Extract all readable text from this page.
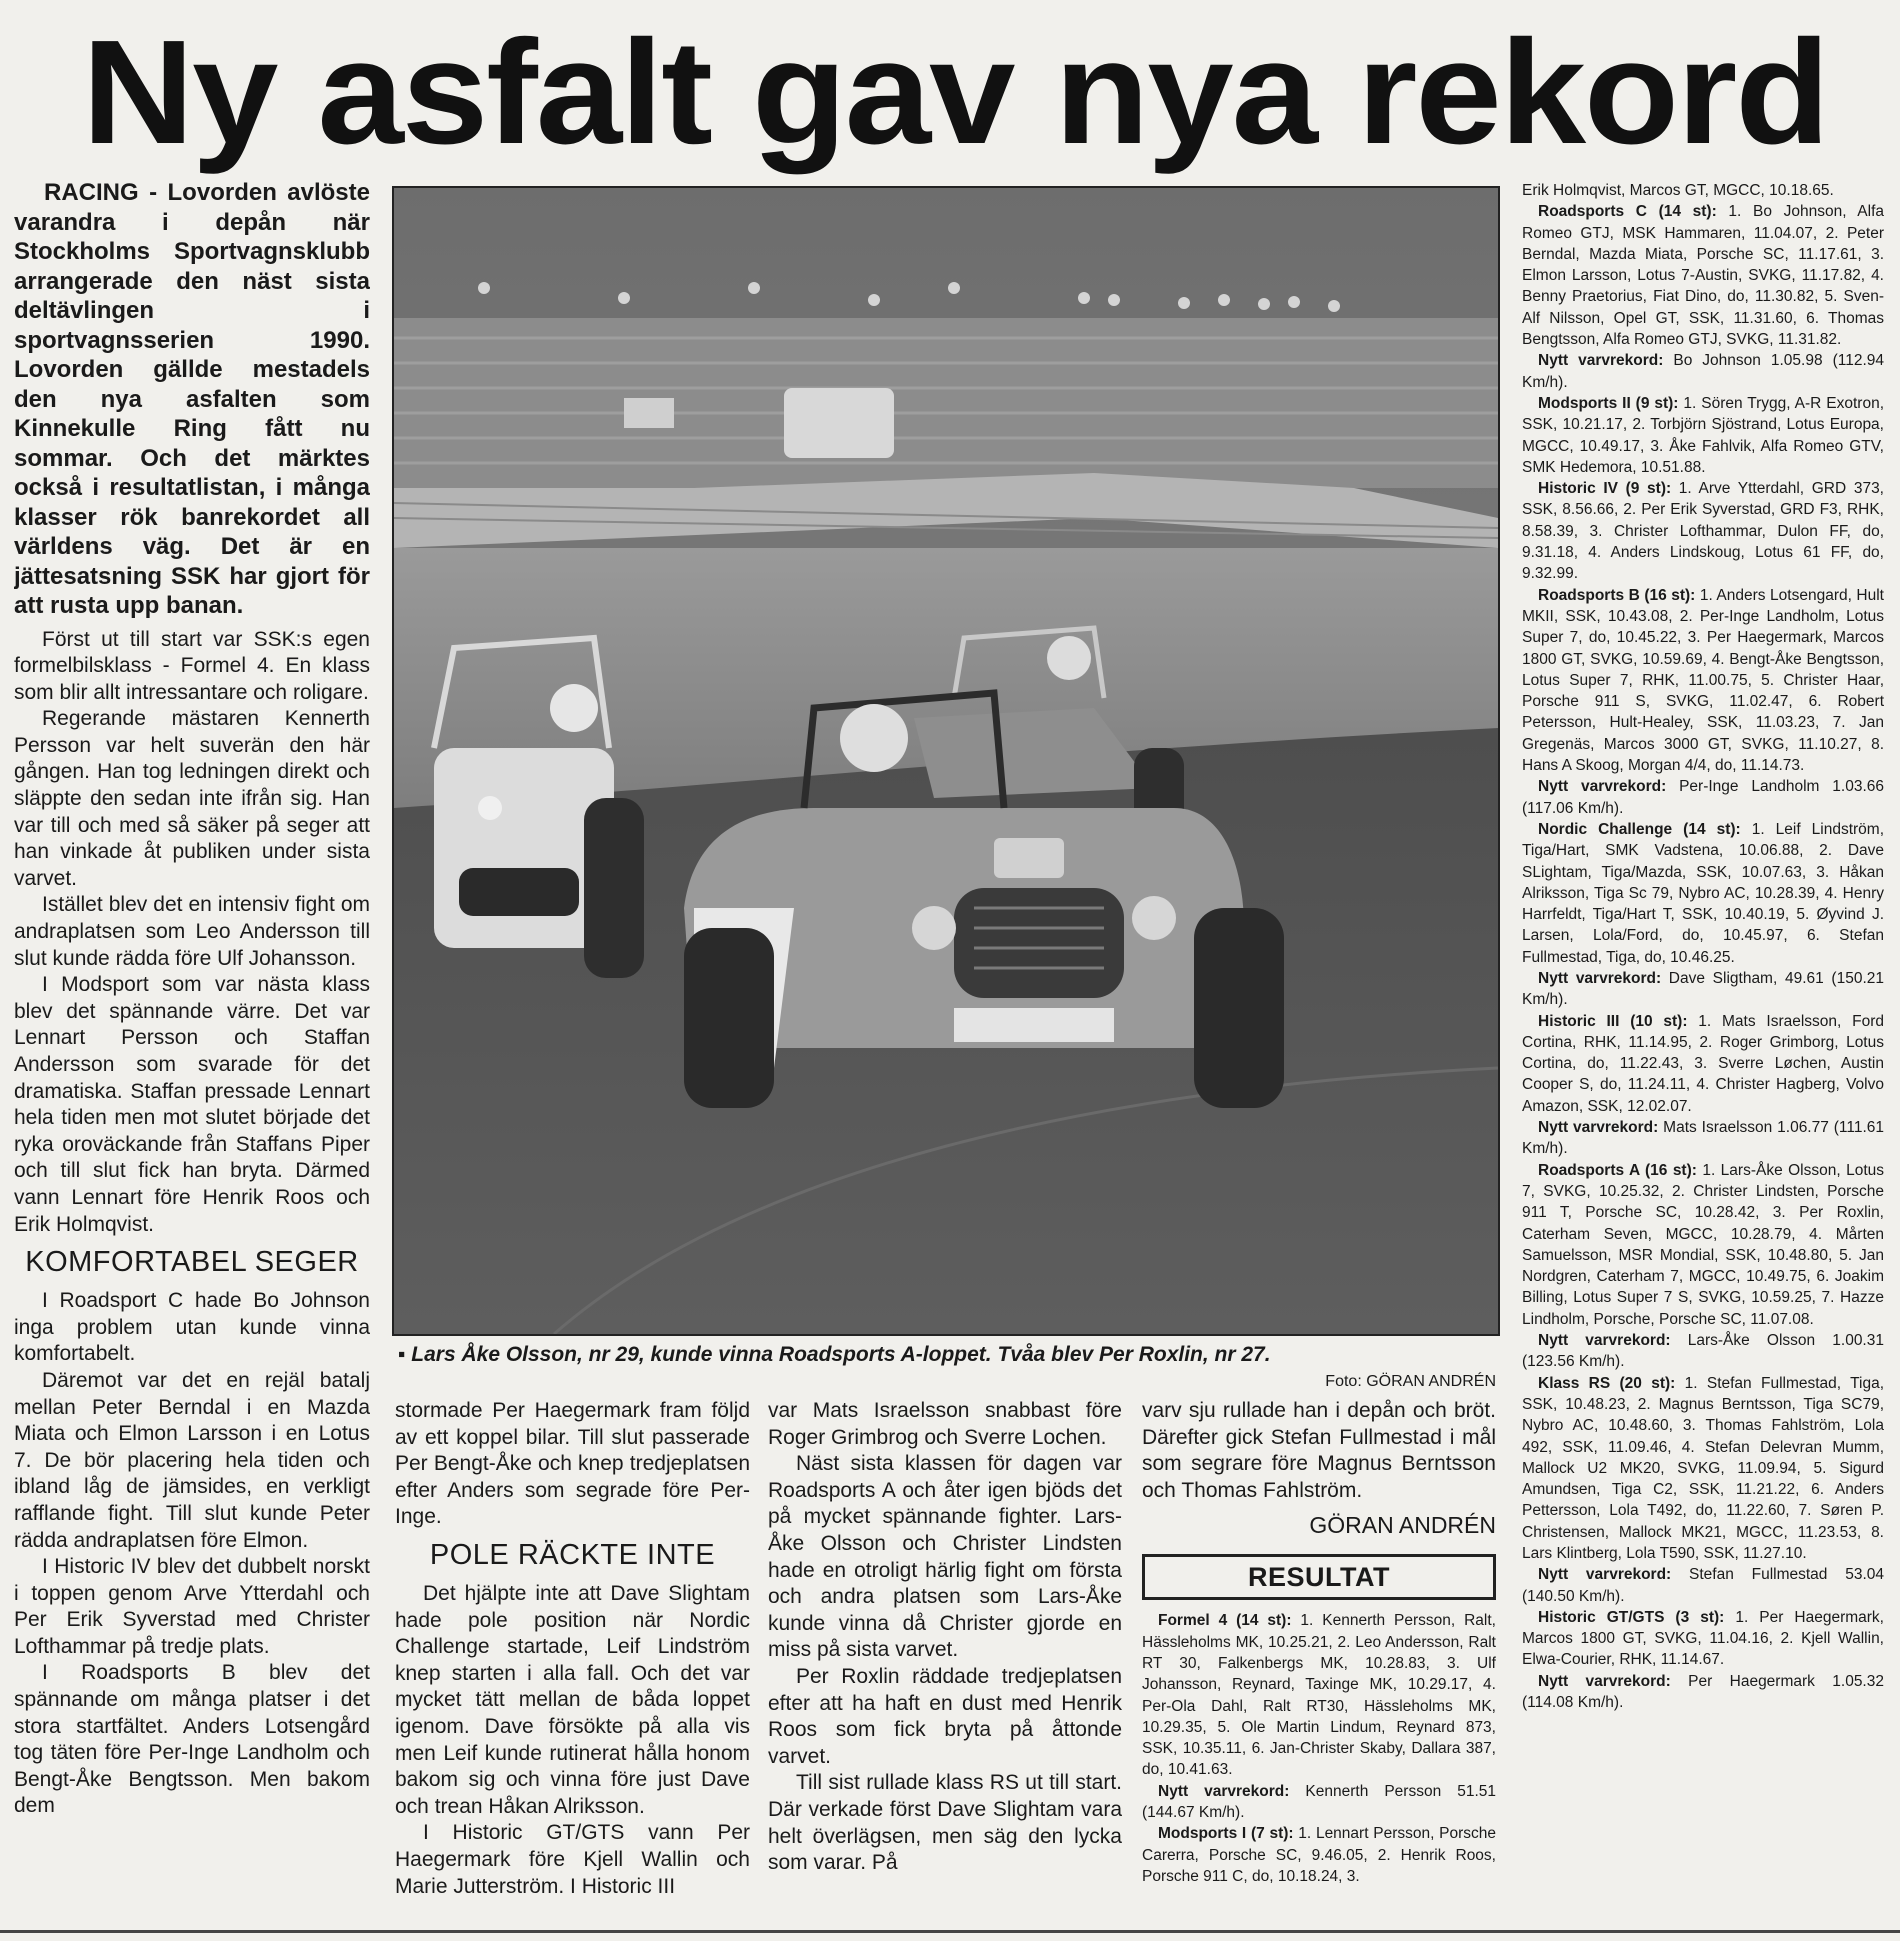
Ny asfalt gav nya rekord

RACING - Lovorden avlöste varandra i depån när Stockholms Sportvagnsklubb arrangerade den näst sista deltävlingen i sportvagnsserien 1990. Lovorden gällde mestadels den nya asfalten som Kinnekulle Ring fått nu sommar. Och det märktes också i resultatlistan, i många klasser rök banrekordet all världens väg. Det är en jättesatsning SSK har gjort för att rusta upp banan.

Först ut till start var SSK:s egen formelbilsklass - Formel 4. En klass som blir allt intressantare och roligare.

Regerande mästaren Kennerth Persson var helt suverän den här gången. Han tog ledningen direkt och släppte den sedan inte ifrån sig. Han var till och med så säker på seger att han vinkade åt publiken under sista varvet.

Istället blev det en intensiv fight om andraplatsen som Leo Andersson till slut kunde rädda före Ulf Johansson.

I Modsport som var nästa klass blev det spännande värre. Det var Lennart Persson och Staffan Andersson som svarade för det dramatiska. Staffan pressade Lennart hela tiden men mot slutet började det ryka oroväckande från Staffans Piper och till slut fick han bryta. Därmed vann Lennart före Henrik Roos och Erik Holmqvist.

KOMFORTABEL SEGER

I Roadsport C hade Bo Johnson inga problem utan kunde vinna komfortabelt.

Däremot var det en rejäl batalj mellan Peter Berndal i en Mazda Miata och Elmon Larsson i en Lotus 7. De bör placering hela tiden och ibland låg de jämsides, en verkligt rafflande fight. Till slut kunde Peter rädda andraplatsen före Elmon.

I Historic IV blev det dubbelt norskt i toppen genom Arve Ytterdahl och Per Erik Syverstad med Christer Lofthammar på tredje plats.

I Roadsports B blev det spännande om många platser i det stora startfältet. Anders Lotsengård tog täten före Per-Inge Landholm och Bengt-Åke Bengtsson. Men bakom dem

▪ Lars Åke Olsson, nr 29, kunde vinna Roadsports A-loppet. Tvåa blev Per Roxlin, nr 27.
Foto: GÖRAN ANDRÉN

stormade Per Haegermark fram följd av ett koppel bilar. Till slut passerade Per Bengt-Åke och knep tredjeplatsen efter Anders som segrade före Per-Inge.

POLE RÄCKTE INTE

Det hjälpte inte att Dave Slightam hade pole position när Nordic Challenge startade, Leif Lindström knep starten i alla fall. Och det var mycket tätt mellan de båda loppet igenom. Dave försökte på alla vis men Leif kunde rutinerat hålla honom bakom sig och vinna före just Dave och trean Håkan Alriksson.

I Historic GT/GTS vann Per Haegermark före Kjell Wallin och Marie Jutterström. I Historic III

var Mats Israelsson snabbast före Roger Grimbrog och Sverre Lochen.

Näst sista klassen för dagen var Roadsports A och åter igen bjöds det på mycket spännande fighter. Lars-Åke Olsson och Christer Lindsten hade en otroligt härlig fight om första och andra platsen som Lars-Åke kunde vinna då Christer gjorde en miss på sista varvet.

Per Roxlin räddade tredjeplatsen efter att ha haft en dust med Henrik Roos som fick bryta på åttonde varvet.

Till sist rullade klass RS ut till start. Där verkade först Dave Slightam vara helt överlägsen, men säg den lycka som varar. På

varv sju rullade han i depån och bröt. Därefter gick Stefan Fullmestad i mål som segrare före Magnus Berntsson och Thomas Fahlström.

GÖRAN ANDRÉN
RESULTAT

Formel 4 (14 st): 1. Kennerth Persson, Ralt, Hässleholms MK, 10.25.21, 2. Leo Andersson, Ralt RT 30, Falkenbergs MK, 10.28.83, 3. Ulf Johansson, Reynard, Taxinge MK, 10.29.17, 4. Per-Ola Dahl, Ralt RT30, Hässleholms MK, 10.29.35, 5. Ole Martin Lindum, Reynard 873, SSK, 10.35.11, 6. Jan-Christer Skaby, Dallara 387, do, 10.41.63.

Nytt varvrekord: Kennerth Persson 51.51 (144.67 Km/h).

Modsports I (7 st): 1. Lennart Persson, Porsche Carerra, Porsche SC, 9.46.05, 2. Henrik Roos, Porsche 911 C, do, 10.18.24, 3.

Erik Holmqvist, Marcos GT, MGCC, 10.18.65.

Roadsports C (14 st): 1. Bo Johnson, Alfa Romeo GTJ, MSK Hammaren, 11.04.07, 2. Peter Berndal, Mazda Miata, Porsche SC, 11.17.61, 3. Elmon Larsson, Lotus 7-Austin, SVKG, 11.17.82, 4. Benny Praetorius, Fiat Dino, do, 11.30.82, 5. Sven-Alf Nilsson, Opel GT, SSK, 11.31.60, 6. Thomas Bengtsson, Alfa Romeo GTJ, SVKG, 11.31.82.

Nytt varvrekord: Bo Johnson 1.05.98 (112.94 Km/h).

Modsports II (9 st): 1. Sören Trygg, A-R Exotron, SSK, 10.21.17, 2. Torbjörn Sjöstrand, Lotus Europa, MGCC, 10.49.17, 3. Åke Fahlvik, Alfa Romeo GTV, SMK Hedemora, 10.51.88.

Historic IV (9 st): 1. Arve Ytterdahl, GRD 373, SSK, 8.56.66, 2. Per Erik Syverstad, GRD F3, RHK, 8.58.39, 3. Christer Lofthammar, Dulon FF, do, 9.31.18, 4. Anders Lindskoug, Lotus 61 FF, do, 9.32.99.

Roadsports B (16 st): 1. Anders Lotsengard, Hult MKII, SSK, 10.43.08, 2. Per-Inge Landholm, Lotus Super 7, do, 10.45.22, 3. Per Haegermark, Marcos 1800 GT, SVKG, 10.59.69, 4. Bengt-Åke Bengtsson, Lotus Super 7, RHK, 11.00.75, 5. Christer Haar, Porsche 911 S, SVKG, 11.02.47, 6. Robert Petersson, Hult-Healey, SSK, 11.03.23, 7. Jan Gregenäs, Marcos 3000 GT, SVKG, 11.10.27, 8. Hans A Skoog, Morgan 4/4, do, 11.14.73.

Nytt varvrekord: Per-Inge Landholm 1.03.66 (117.06 Km/h).

Nordic Challenge (14 st): 1. Leif Lindström, Tiga/Hart, SMK Vadstena, 10.06.88, 2. Dave SLightam, Tiga/Mazda, SSK, 10.07.63, 3. Håkan Alriksson, Tiga Sc 79, Nybro AC, 10.28.39, 4. Henry Harrfeldt, Tiga/Hart T, SSK, 10.40.19, 5. Øyvind J. Larsen, Lola/Ford, do, 10.45.97, 6. Stefan Fullmestad, Tiga, do, 10.46.25.

Nytt varvrekord: Dave Sligtham, 49.61 (150.21 Km/h).

Historic III (10 st): 1. Mats Israelsson, Ford Cortina, RHK, 11.14.95, 2. Roger Grimborg, Lotus Cortina, do, 11.22.43, 3. Sverre Løchen, Austin Cooper S, do, 11.24.11, 4. Christer Hagberg, Volvo Amazon, SSK, 12.02.07.

Nytt varvrekord: Mats Israelsson 1.06.77 (111.61 Km/h).

Roadsports A (16 st): 1. Lars-Åke Olsson, Lotus 7, SVKG, 10.25.32, 2. Christer Lindsten, Porsche 911 T, Porsche SC, 10.28.42, 3. Per Roxlin, Caterham Seven, MGCC, 10.28.79, 4. Mårten Samuelsson, MSR Mondial, SSK, 10.48.80, 5. Jan Nordgren, Caterham 7, MGCC, 10.49.75, 6. Joakim Billing, Lotus Super 7 S, SVKG, 10.59.25, 7. Hazze Lindholm, Porsche, Porsche SC, 11.07.08.

Nytt varvrekord: Lars-Åke Olsson 1.00.31 (123.56 Km/h).

Klass RS (20 st): 1. Stefan Fullmestad, Tiga, SSK, 10.48.23, 2. Magnus Berntsson, Tiga SC79, Nybro AC, 10.48.60, 3. Thomas Fahlström, Lola 492, SSK, 11.09.46, 4. Stefan Delevran Mumm, Mallock U2 MK20, SVKG, 11.09.94, 5. Sigurd Amundsen, Tiga C2, SSK, 11.21.22, 6. Anders Pettersson, Lola T492, do, 11.22.60, 7. Søren P. Christensen, Mallock MK21, MGCC, 11.23.53, 8. Lars Klintberg, Lola T590, SSK, 11.27.10.

Nytt varvrekord: Stefan Fullmestad 53.04 (140.50 Km/h).

Historic GT/GTS (3 st): 1. Per Haegermark, Marcos 1800 GT, SVKG, 11.04.16, 2. Kjell Wallin, Elwa-Courier, RHK, 11.14.67.

Nytt varvrekord: Per Haegermark 1.05.32 (114.08 Km/h).
